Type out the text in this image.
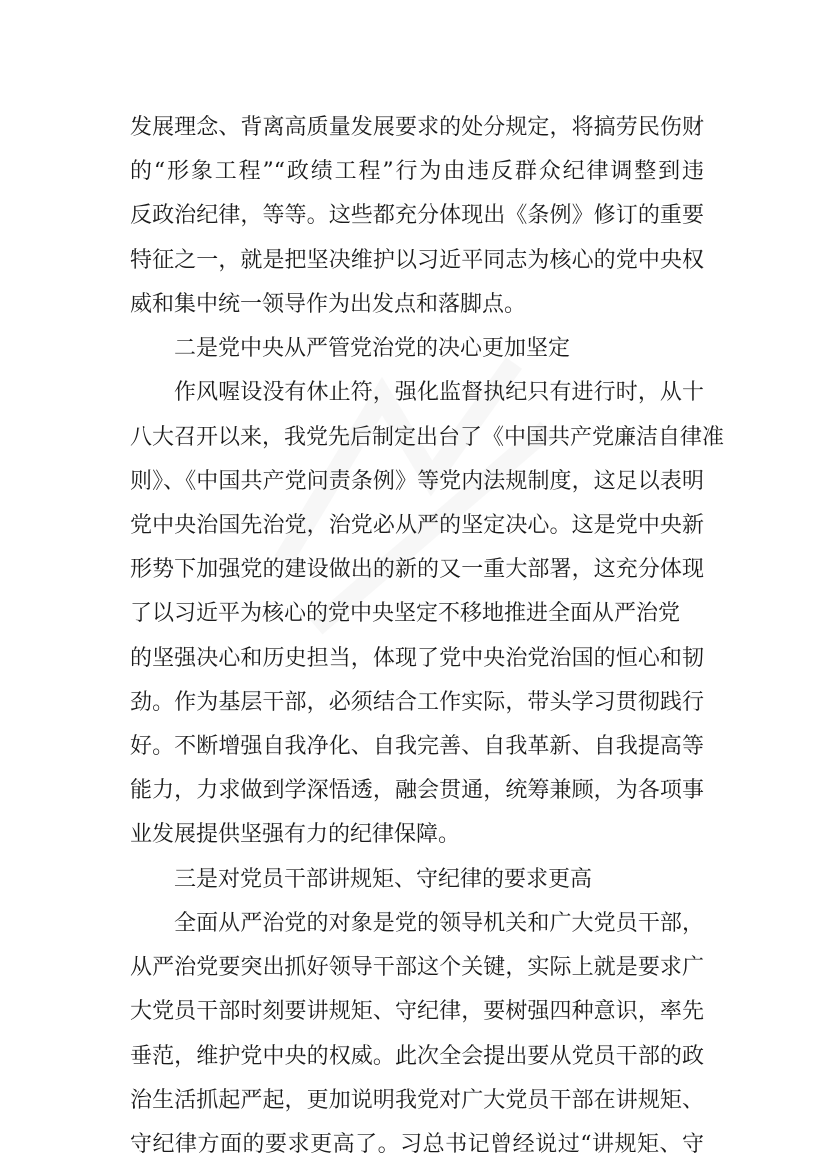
发展理念、背离高质量发展要求的处分规定，将搞劳民伤财
的“形象工程”“政绩工程”行为由违反群众纪律调整到违
反政治纪律，等等。这些都充分体现出《条例》修订的重要
特征之一，就是把坚决维护以习近平同志为核心的党中央权
威和集中统一领导作为出发点和落脚点。
二是党中央从严管党治党的决心更加坚定
作风喔设没有休止符，强化监督执纪只有进行时，从十
八大召开以来，我党先后制定出台了《中国共产党廉洁自律准
则》、《中国共产党问责条例》等党内法规制度，这足以表明
党中央治国先治党，治党必从严的坚定决心。这是党中央新
形势下加强党的建设做出的新的又一重大部署，这充分体现
了以习近平为核心的党中央坚定不移地推进全面从严治党
的坚强决心和历史担当，体现了党中央治党治国的恒心和韧
劲。作为基层干部，必须结合工作实际，带头学习贯彻践行
好。不断增强自我净化、自我完善、自我革新、自我提高等
能力，力求做到学深悟透，融会贯通，统筹兼顾，为各项事
业发展提供坚强有力的纪律保障。
三是对党员干部讲规矩、守纪律的要求更高
全面从严治党的对象是党的领导机关和广大党员干部，
从严治党要突出抓好领导干部这个关键，实际上就是要求广
大党员干部时刻要讲规矩、守纪律，要树强四种意识，率先
垂范，维护党中央的权威。此次全会提出要从党员干部的政
治生活抓起严起，更加说明我党对广大党员干部在讲规矩、
守纪律方面的要求更高了。习总书记曾经说过“讲规矩、守
